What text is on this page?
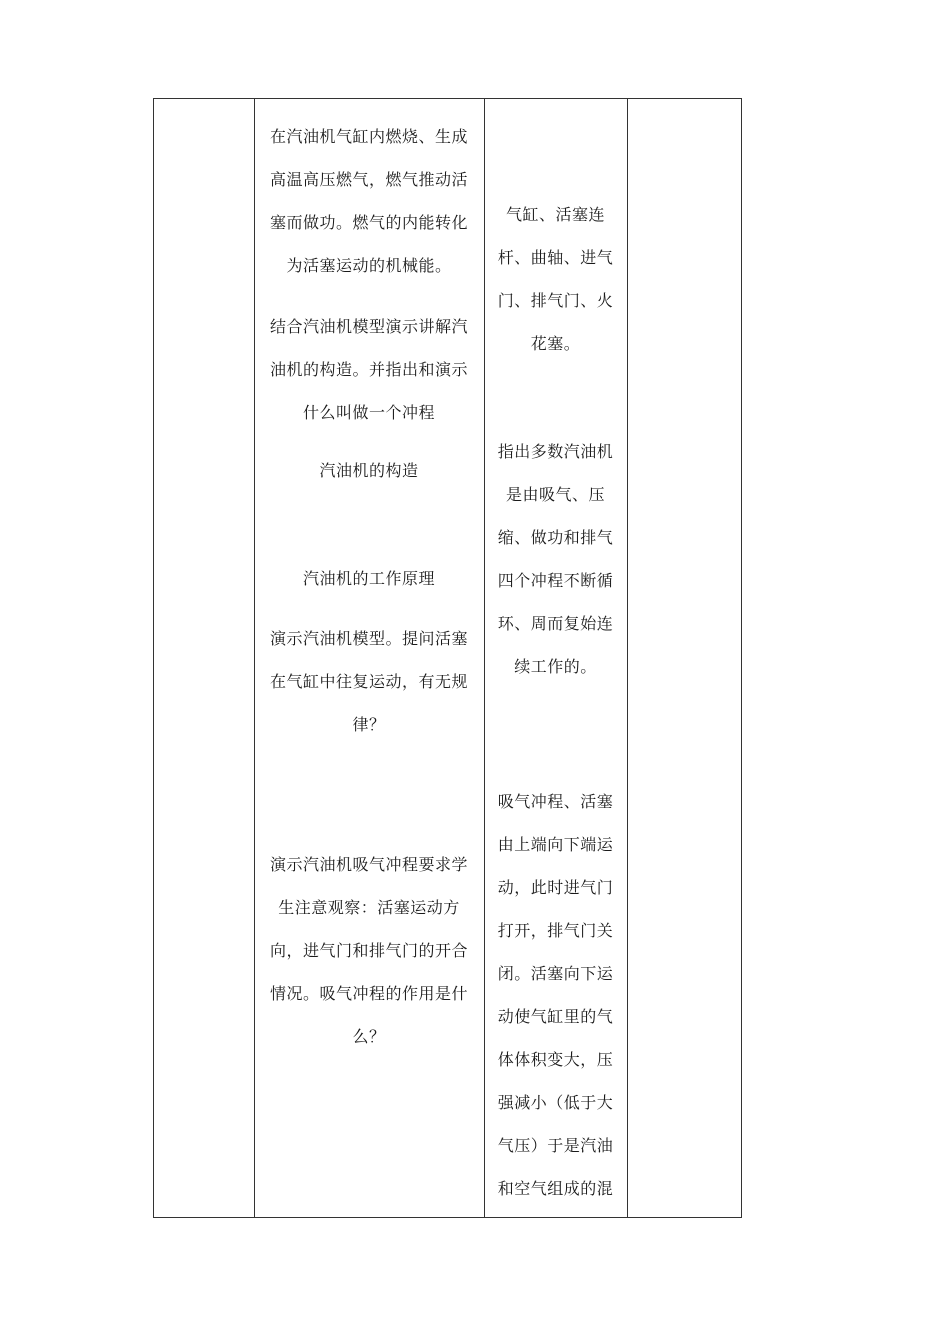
在汽油机气缸内燃烧、生成
高温高压燃气，燃气推动活
塞而做功。燃气的内能转化
为活塞运动的机械能。
结合汽油机模型演示讲解汽
油机的构造。并指出和演示
什么叫做一个冲程
汽油机的构造
汽油机的工作原理
演示汽油机模型。提问活塞
在气缸中往复运动，有无规
律？
演示汽油机吸气冲程要求学
生注意观察：活塞运动方
向，进气门和排气门的开合
情况。吸气冲程的作用是什
么？
气缸、活塞连
杆、曲轴、进气
门、排气门、火
花塞。
指出多数汽油机
是由吸气、压
缩、做功和排气
四个冲程不断循
环、周而复始连
续工作的。
吸气冲程、活塞
由上端向下端运
动，此时进气门
打开，排气门关
闭。活塞向下运
动使气缸里的气
体体积变大，压
强减小（低于大
气压）于是汽油
和空气组成的混
